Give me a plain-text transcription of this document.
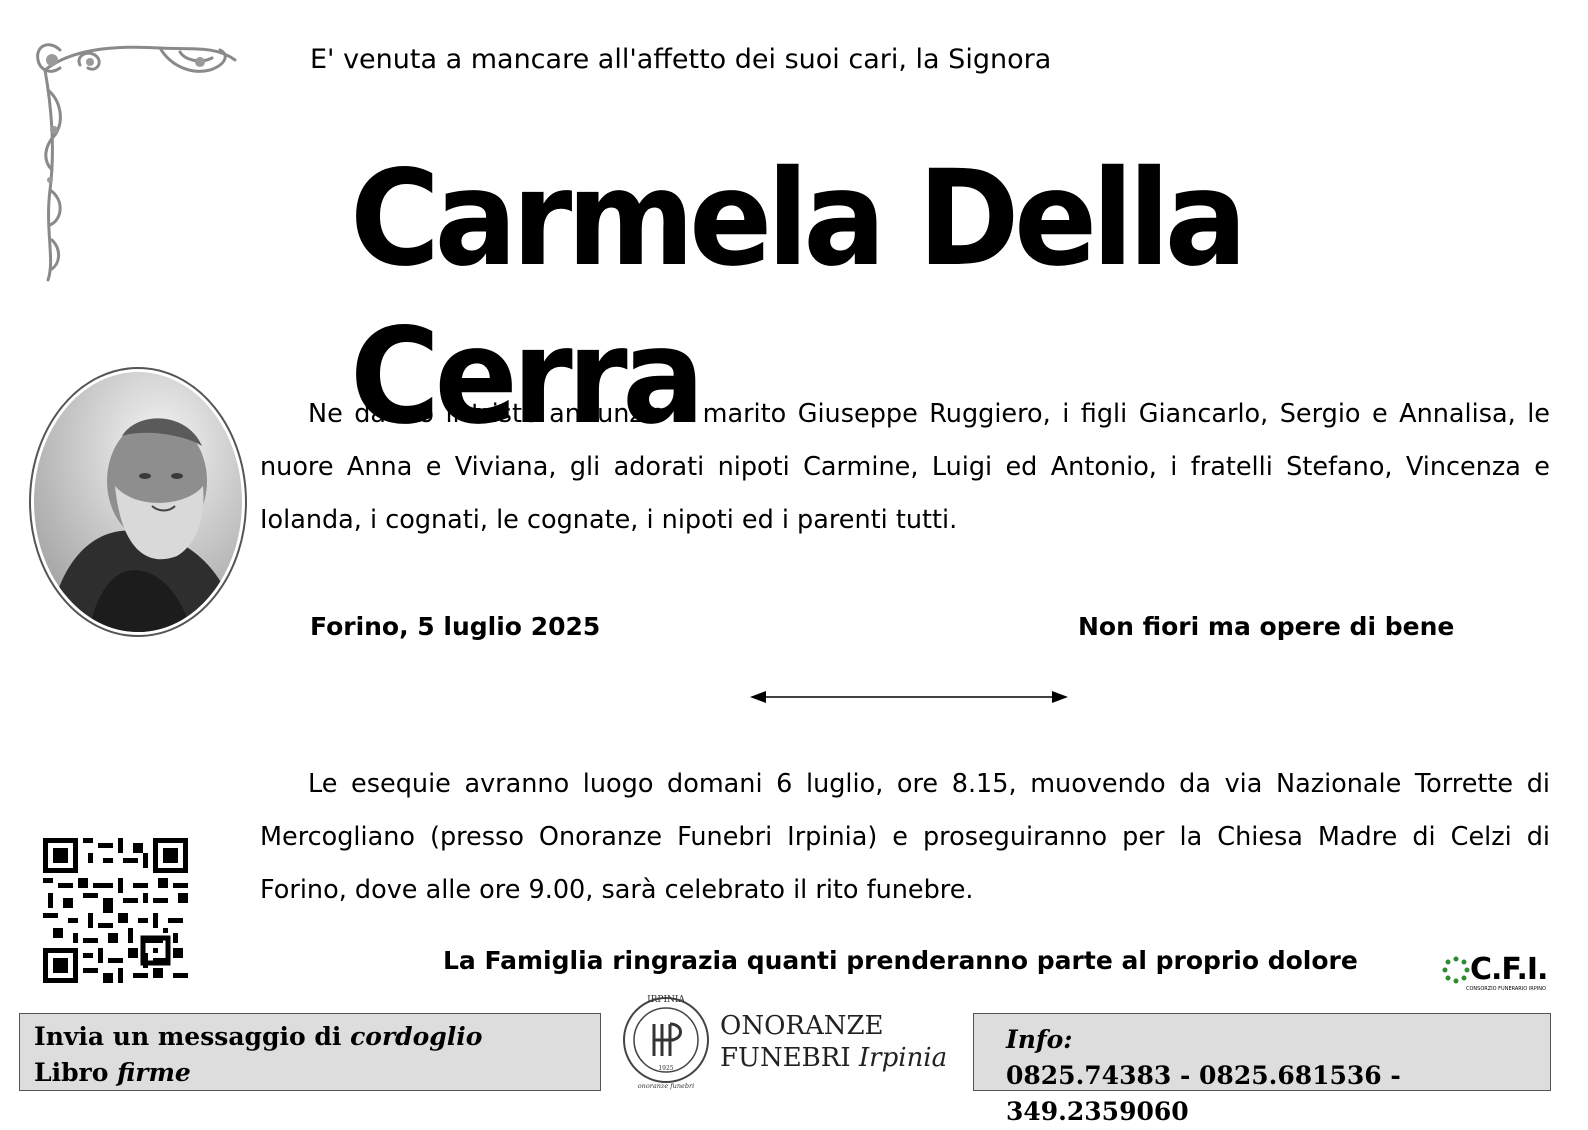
E' venuta a mancare all'affetto dei suoi cari, la Signora
Carmela Della Cerra
Ne danno il triste annunzio il marito Giuseppe Ruggiero, i figli Giancarlo, Sergio e Annalisa, le nuore Anna e Viviana, gli adorati nipoti Carmine, Luigi ed Antonio, i fratelli Stefano, Vincenza e Iolanda, i cognati, le cognate, i nipoti ed i parenti tutti.
Forino, 5 luglio 2025	Non fiori ma opere di bene
Le esequie avranno luogo domani 6 luglio, ore 8.15, muovendo da via Nazionale Torrette di Mercogliano (presso Onoranze Funebri Irpinia) e proseguiranno per la Chiesa Madre di Celzi di Forino, dove alle ore 9.00, sarà celebrato il rito funebre.
La Famiglia ringrazia quanti prenderanno parte al proprio dolore	C.F.I.
CONSORZIO FUNERARIO IRPINO
Invia un messaggio di cordoglio
Libro firme
IRPINIA
1925
onoranze funebri
ONORANZE
FUNEBRI Irpinia
Info:
0825.74383 - 0825.681536 - 349.2359060
